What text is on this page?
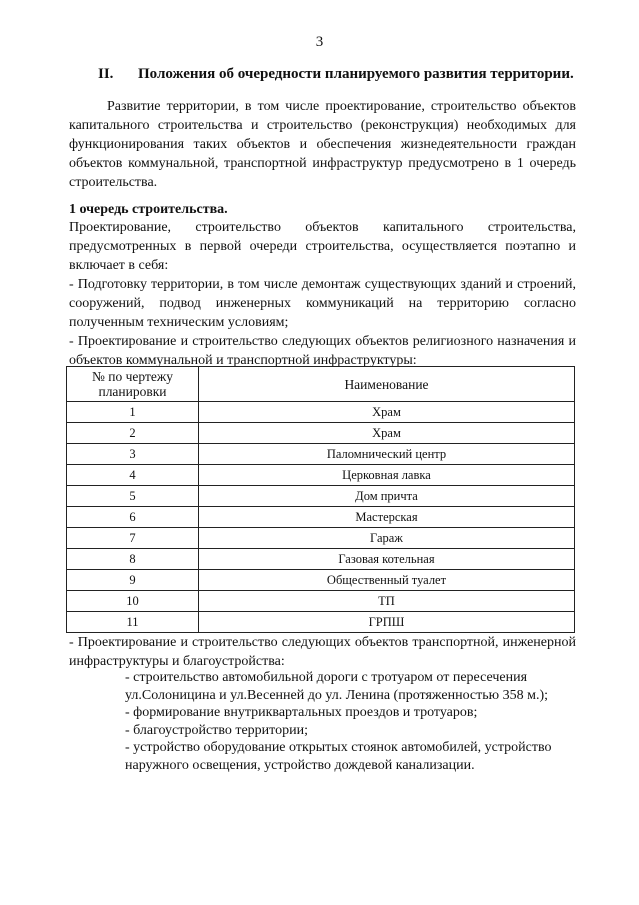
3
II. Положения об очередности планируемого развития территории.
Развитие территории, в том числе проектирование, строительство объектов капитального строительства и строительство (реконструкция) необходимых для функционирования таких объектов и обеспечения жизнедеятельности граждан объектов коммунальной, транспортной инфраструктур предусмотрено в 1 очередь строительства.
1 очередь строительства.
Проектирование, строительство объектов капитального строительства, предусмотренных в первой очереди строительства, осуществляется поэтапно и включает в себя:
- Подготовку территории, в том числе демонтаж существующих зданий и строений, сооружений, подвод инженерных коммуникаций на территорию согласно полученным техническим условиям;
- Проектирование и строительство следующих объектов религиозного назначения и объектов коммунальной и транспортной инфраструктуры:
№ по чертежу планировки	Наименование
1	Храм
2	Храм
3	Паломнический центр
4	Церковная лавка
5	Дом причта
6	Мастерская
7	Гараж
8	Газовая котельная
9	Общественный туалет
10	ТП
11	ГРПШ
- Проектирование и строительство следующих объектов транспортной, инженерной инфраструктуры и благоустройства:
- строительство автомобильной дороги с тротуаром от пересечения ул.Солоницина и ул.Весенней до ул. Ленина (протяженностью 358 м.);
- формирование внутриквартальных проездов и тротуаров;
- благоустройство территории;
- устройство оборудование открытых стоянок автомобилей, устройство наружного освещения, устройство дождевой канализации.
